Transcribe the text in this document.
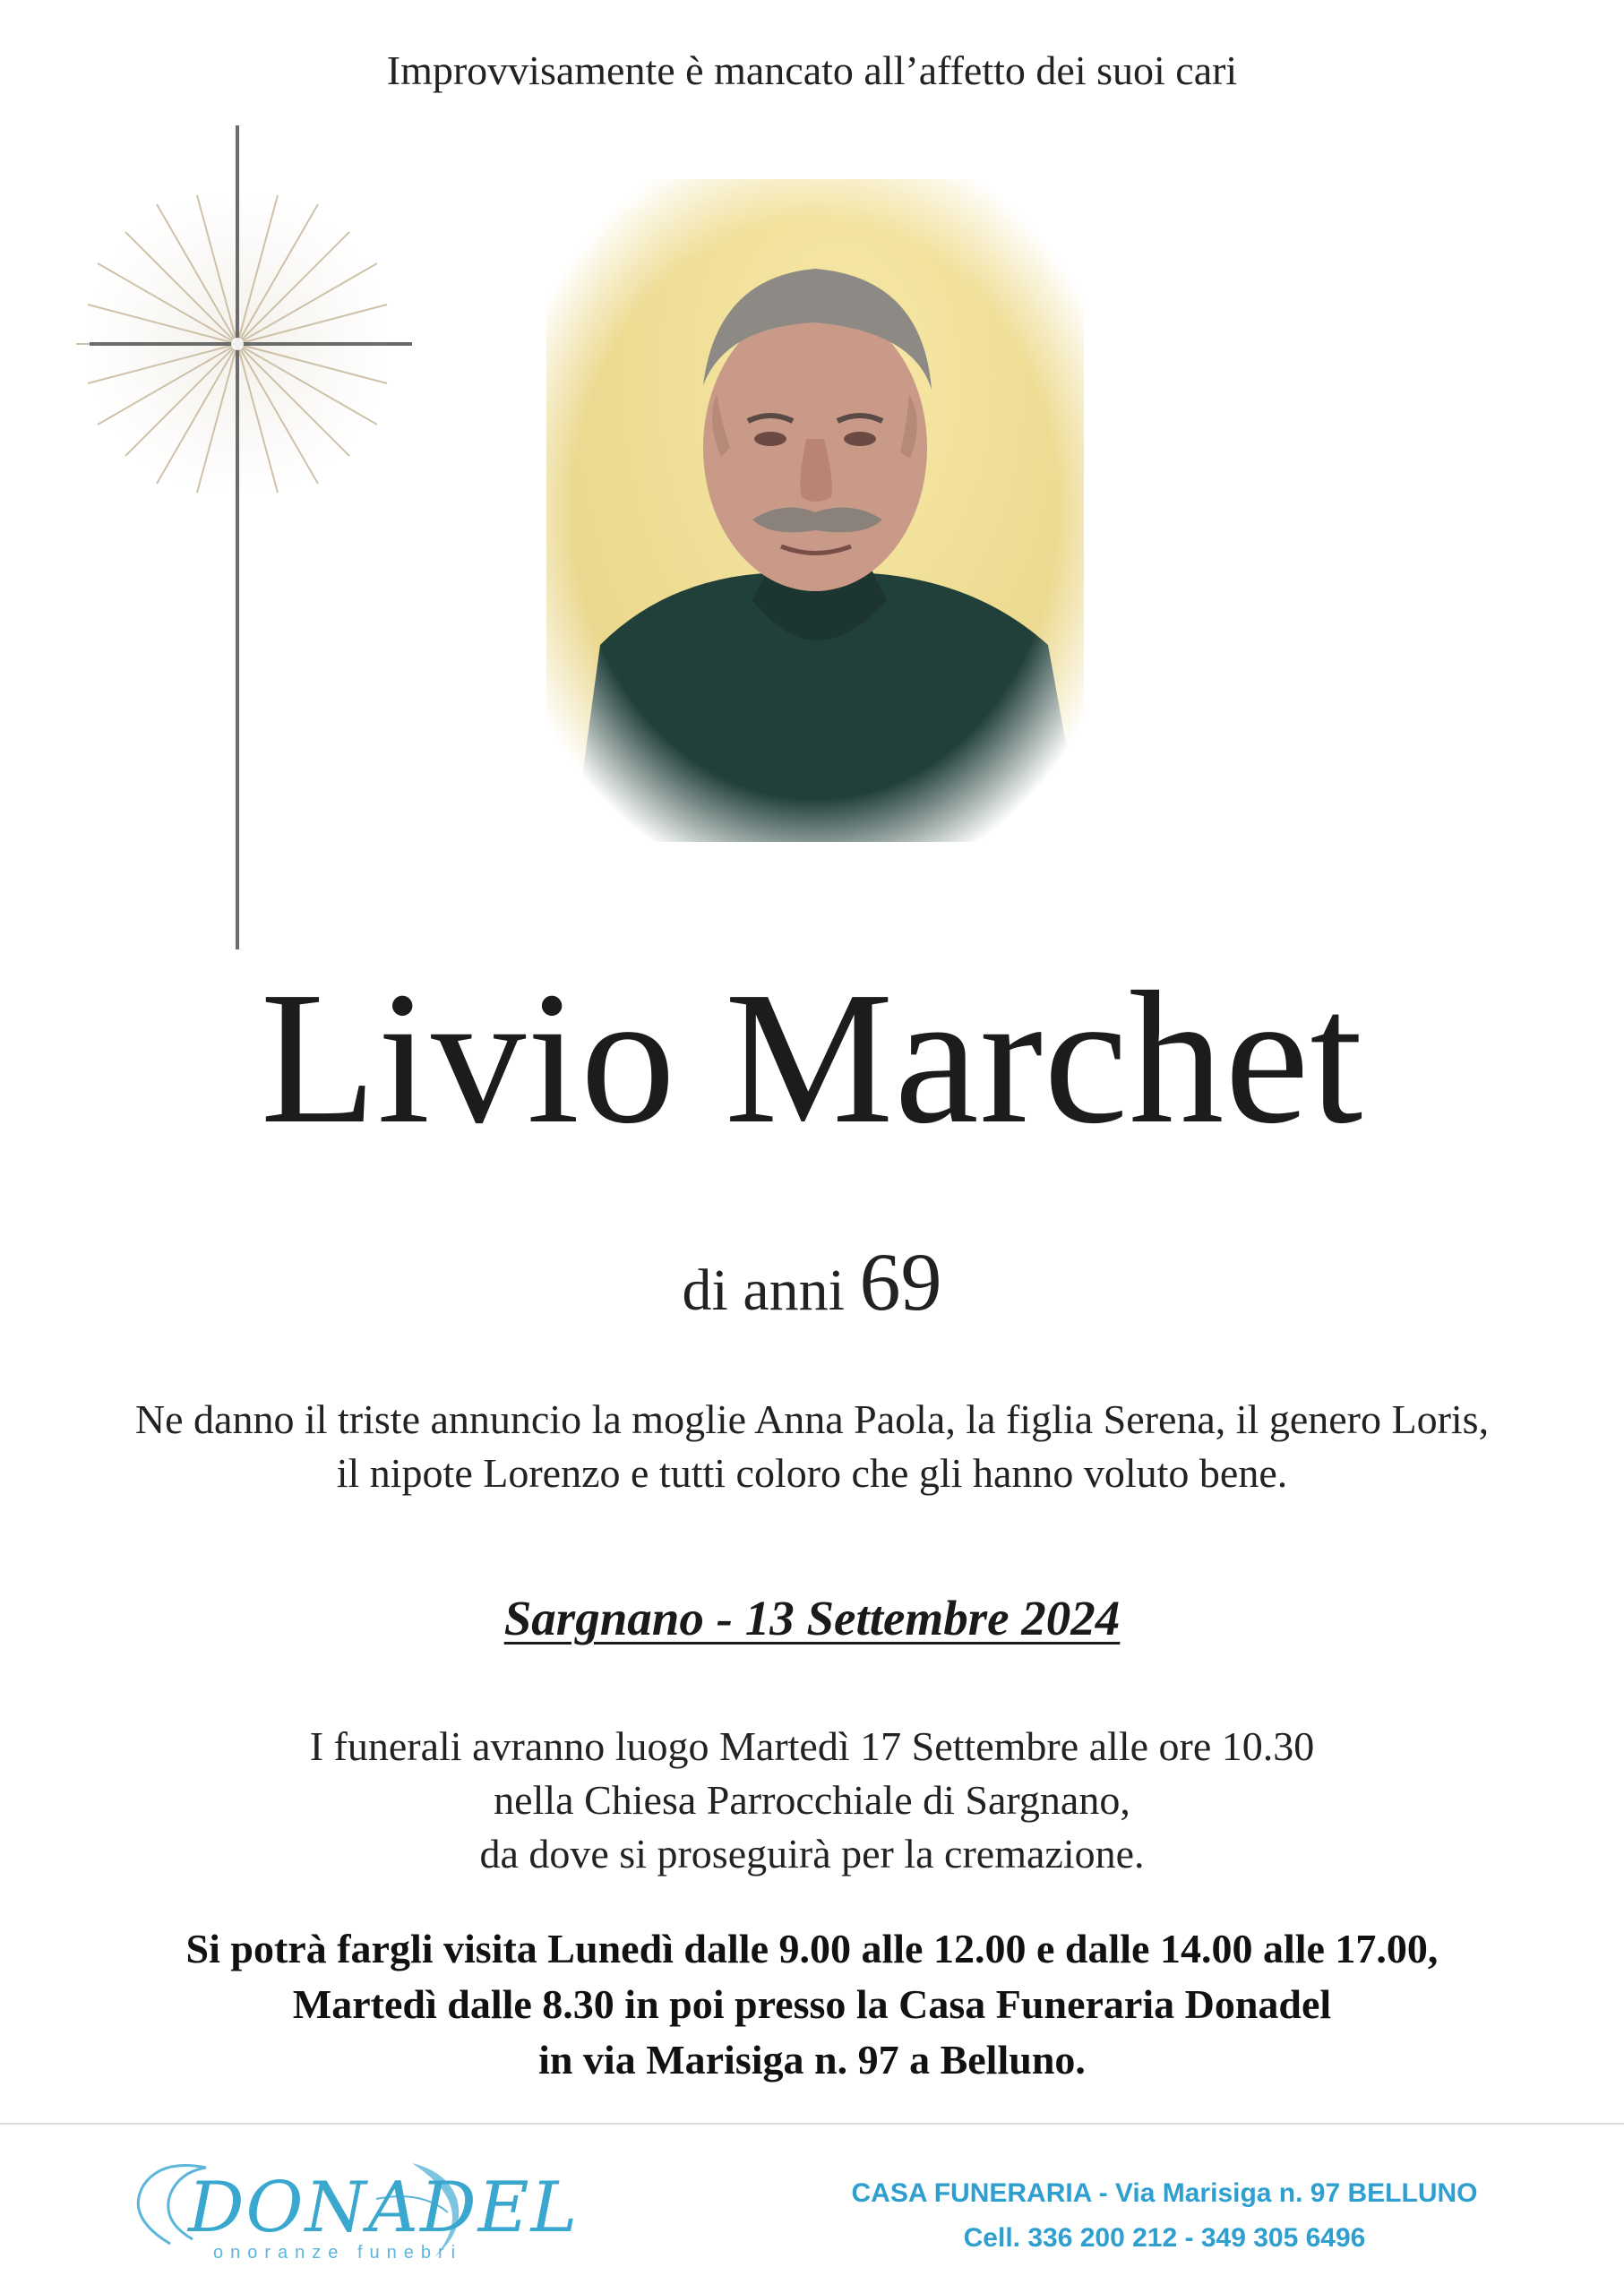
Improvvisamente è mancato all’affetto dei suoi cari
Livio Marchet
di anni 69
Ne danno il triste annuncio la moglie Anna Paola, la figlia Serena, il genero Loris,
il nipote Lorenzo e tutti coloro che gli hanno voluto bene.
Sargnano - 13 Settembre 2024
I funerali avranno luogo Martedì 17 Settembre alle ore 10.30
nella Chiesa Parrocchiale di Sargnano,
da dove si proseguirà per la cremazione.
Si potrà fargli visita Lunedì dalle 9.00 alle 12.00 e dalle 14.00 alle 17.00,
Martedì dalle 8.30 in poi presso la Casa Funeraria Donadel
in via Marisiga n. 97 a Belluno.
DONADEL
onoranze funebri
CASA FUNERARIA - Via Marisiga n. 97 BELLUNO
Cell. 336 200 212 - 349 305 6496
